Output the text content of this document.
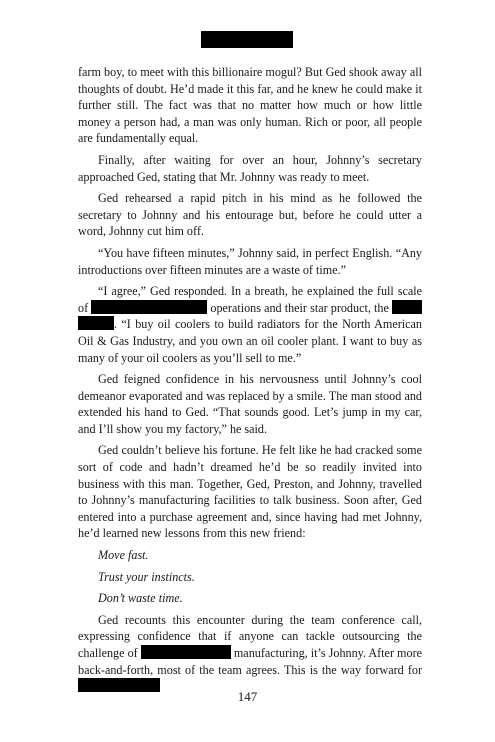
farm boy, to meet with this billionaire mogul? But Ged shook away all thoughts of doubt. He’d made it this far, and he knew he could make it further still. The fact was that no matter how much or how little money a person had, a man was only human. Rich or poor, all people are fundamentally equal.

Finally, after waiting for over an hour, Johnny’s secretary approached Ged, stating that Mr. Johnny was ready to meet.

Ged rehearsed a rapid pitch in his mind as he followed the secretary to Johnny and his entourage but, before he could utter a word, Johnny cut him off.

“You have fifteen minutes,” Johnny said, in perfect English. “Any introductions over fifteen minutes are a waste of time.”

“I agree,” Ged responded. In a breath, he explained the full scale of	operations and their star product, the  . “I buy oil coolers to build radiators for the North American Oil & Gas Industry, and you own an oil cooler plant. I want to buy as many of your oil coolers as you’ll sell to me.”

Ged feigned confidence in his nervousness until Johnny’s cool demeanor evaporated and was replaced by a smile. The man stood and extended his hand to Ged. “That sounds good. Let’s jump in my car, and I’ll show you my factory,” he said.

Ged couldn’t believe his fortune. He felt like he had cracked some sort of code and hadn’t dreamed he’d be so readily invited into business with this man. Together, Ged, Preston, and Johnny, travelled to Johnny’s manufacturing facilities to talk business. Soon after, Ged entered into a purchase agreement and, since having had met Johnny, he’d learned new lessons from this new friend:

Move fast.

Trust your instincts.

Don’t waste time.

Ged recounts this encounter during the team conference call, expressing confidence that if anyone can tackle outsourcing the challenge of	manufacturing, it’s Johnny. After more back-and-forth, most of the team agrees. This is the way forward for

147
